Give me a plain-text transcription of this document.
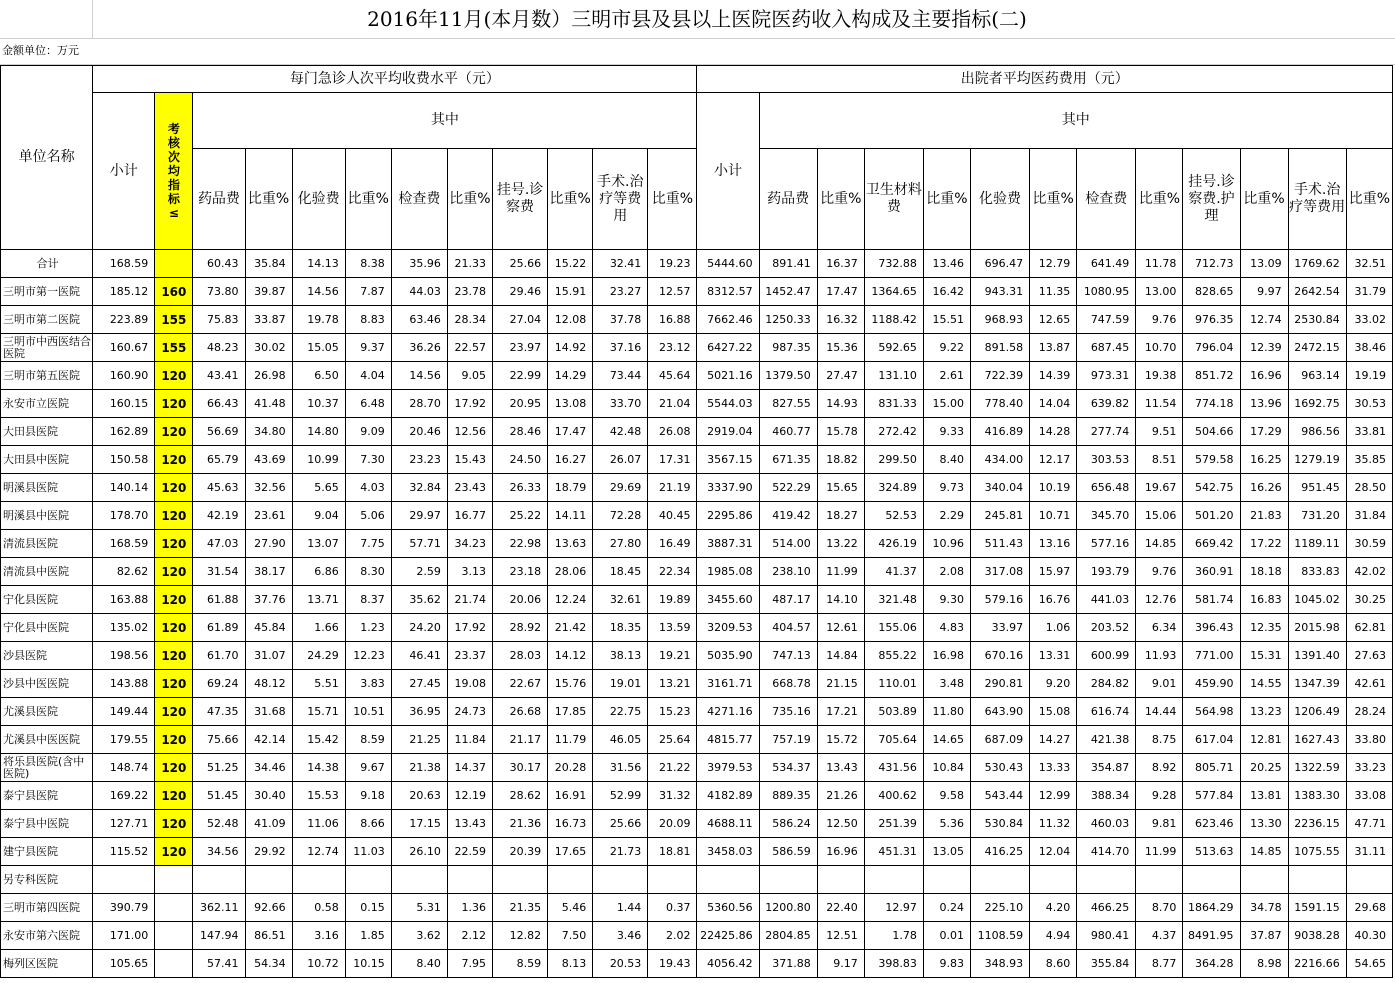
2016年11月(本月数）三明市县及县以上医院医药收入构成及主要指标(二)
金额单位：万元
单位名称	每门急诊人次平均收费水平（元）												出院者平均医药费用（元）												
	小计	考核次均指标≤	其中										小计	其中											
			药品费	比重%	化验费	比重%	检查费	比重%	挂号.诊察费	比重%	手术.治疗等费用	比重%		药品费	比重%	卫生材料费	比重%	化验费	比重%	检查费	比重%	挂号.诊察费.护理	比重%	手术.治疗等费用	比重%
合计	168.59		60.43	35.84	14.13	8.38	35.96	21.33	25.66	15.22	32.41	19.23	5444.60	891.41	16.37	732.88	13.46	696.47	12.79	641.49	11.78	712.73	13.09	1769.62	32.51
三明市第一医院	185.12	160	73.80	39.87	14.56	7.87	44.03	23.78	29.46	15.91	23.27	12.57	8312.57	1452.47	17.47	1364.65	16.42	943.31	11.35	1080.95	13.00	828.65	9.97	2642.54	31.79
三明市第二医院	223.89	155	75.83	33.87	19.78	8.83	63.46	28.34	27.04	12.08	37.78	16.88	7662.46	1250.33	16.32	1188.42	15.51	968.93	12.65	747.59	9.76	976.35	12.74	2530.84	33.02
三明市中西医结合医院	160.67	155	48.23	30.02	15.05	9.37	36.26	22.57	23.97	14.92	37.16	23.12	6427.22	987.35	15.36	592.65	9.22	891.58	13.87	687.45	10.70	796.04	12.39	2472.15	38.46
三明市第五医院	160.90	120	43.41	26.98	6.50	4.04	14.56	9.05	22.99	14.29	73.44	45.64	5021.16	1379.50	27.47	131.10	2.61	722.39	14.39	973.31	19.38	851.72	16.96	963.14	19.19
永安市立医院	160.15	120	66.43	41.48	10.37	6.48	28.70	17.92	20.95	13.08	33.70	21.04	5544.03	827.55	14.93	831.33	15.00	778.40	14.04	639.82	11.54	774.18	13.96	1692.75	30.53
大田县医院	162.89	120	56.69	34.80	14.80	9.09	20.46	12.56	28.46	17.47	42.48	26.08	2919.04	460.77	15.78	272.42	9.33	416.89	14.28	277.74	9.51	504.66	17.29	986.56	33.81
大田县中医院	150.58	120	65.79	43.69	10.99	7.30	23.23	15.43	24.50	16.27	26.07	17.31	3567.15	671.35	18.82	299.50	8.40	434.00	12.17	303.53	8.51	579.58	16.25	1279.19	35.85
明溪县医院	140.14	120	45.63	32.56	5.65	4.03	32.84	23.43	26.33	18.79	29.69	21.19	3337.90	522.29	15.65	324.89	9.73	340.04	10.19	656.48	19.67	542.75	16.26	951.45	28.50
明溪县中医院	178.70	120	42.19	23.61	9.04	5.06	29.97	16.77	25.22	14.11	72.28	40.45	2295.86	419.42	18.27	52.53	2.29	245.81	10.71	345.70	15.06	501.20	21.83	731.20	31.84
清流县医院	168.59	120	47.03	27.90	13.07	7.75	57.71	34.23	22.98	13.63	27.80	16.49	3887.31	514.00	13.22	426.19	10.96	511.43	13.16	577.16	14.85	669.42	17.22	1189.11	30.59
清流县中医院	82.62	120	31.54	38.17	6.86	8.30	2.59	3.13	23.18	28.06	18.45	22.34	1985.08	238.10	11.99	41.37	2.08	317.08	15.97	193.79	9.76	360.91	18.18	833.83	42.02
宁化县医院	163.88	120	61.88	37.76	13.71	8.37	35.62	21.74	20.06	12.24	32.61	19.89	3455.60	487.17	14.10	321.48	9.30	579.16	16.76	441.03	12.76	581.74	16.83	1045.02	30.25
宁化县中医院	135.02	120	61.89	45.84	1.66	1.23	24.20	17.92	28.92	21.42	18.35	13.59	3209.53	404.57	12.61	155.06	4.83	33.97	1.06	203.52	6.34	396.43	12.35	2015.98	62.81
沙县医院	198.56	120	61.70	31.07	24.29	12.23	46.41	23.37	28.03	14.12	38.13	19.21	5035.90	747.13	14.84	855.22	16.98	670.16	13.31	600.99	11.93	771.00	15.31	1391.40	27.63
沙县中医医院	143.88	120	69.24	48.12	5.51	3.83	27.45	19.08	22.67	15.76	19.01	13.21	3161.71	668.78	21.15	110.01	3.48	290.81	9.20	284.82	9.01	459.90	14.55	1347.39	42.61
尤溪县医院	149.44	120	47.35	31.68	15.71	10.51	36.95	24.73	26.68	17.85	22.75	15.23	4271.16	735.16	17.21	503.89	11.80	643.90	15.08	616.74	14.44	564.98	13.23	1206.49	28.24
尤溪县中医医院	179.55	120	75.66	42.14	15.42	8.59	21.25	11.84	21.17	11.79	46.05	25.64	4815.77	757.19	15.72	705.64	14.65	687.09	14.27	421.38	8.75	617.04	12.81	1627.43	33.80
将乐县医院(含中医院)	148.74	120	51.25	34.46	14.38	9.67	21.38	14.37	30.17	20.28	31.56	21.22	3979.53	534.37	13.43	431.56	10.84	530.43	13.33	354.87	8.92	805.71	20.25	1322.59	33.23
泰宁县医院	169.22	120	51.45	30.40	15.53	9.18	20.63	12.19	28.62	16.91	52.99	31.32	4182.89	889.35	21.26	400.62	9.58	543.44	12.99	388.34	9.28	577.84	13.81	1383.30	33.08
泰宁县中医院	127.71	120	52.48	41.09	11.06	8.66	17.15	13.43	21.36	16.73	25.66	20.09	4688.11	586.24	12.50	251.39	5.36	530.84	11.32	460.03	9.81	623.46	13.30	2236.15	47.71
建宁县医院	115.52	120	34.56	29.92	12.74	11.03	26.10	22.59	20.39	17.65	21.73	18.81	3458.03	586.59	16.96	451.31	13.05	416.25	12.04	414.70	11.99	513.63	14.85	1075.55	31.11
另专科医院																									
三明市第四医院	390.79		362.11	92.66	0.58	0.15	5.31	1.36	21.35	5.46	1.44	0.37	5360.56	1200.80	22.40	12.97	0.24	225.10	4.20	466.25	8.70	1864.29	34.78	1591.15	29.68
永安市第六医院	171.00		147.94	86.51	3.16	1.85	3.62	2.12	12.82	7.50	3.46	2.02	22425.86	2804.85	12.51	1.78	0.01	1108.59	4.94	980.41	4.37	8491.95	37.87	9038.28	40.30
梅列区医院	105.65		57.41	54.34	10.72	10.15	8.40	7.95	8.59	8.13	20.53	19.43	4056.42	371.88	9.17	398.83	9.83	348.93	8.60	355.84	8.77	364.28	8.98	2216.66	54.65
